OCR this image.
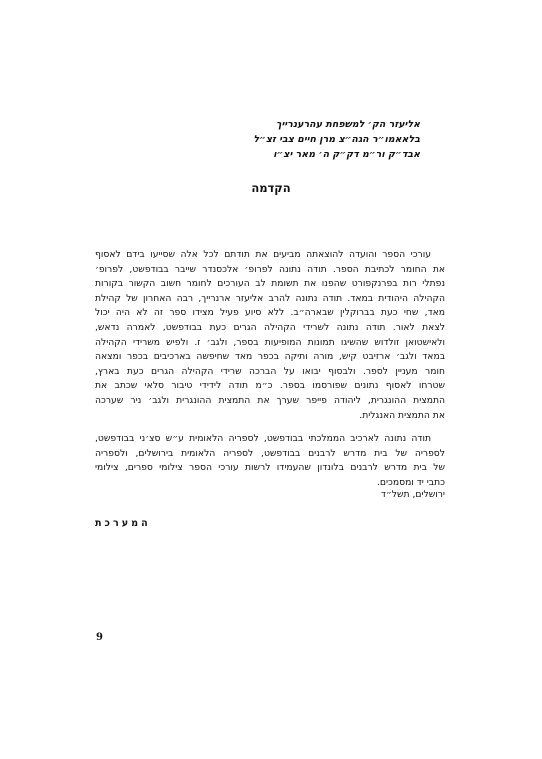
אליעזר הק׳ למשפחת עהרענרייך
בלאאמו״ר הגה״צ מרן חיים צבי זצ״ל
אבד״ק ור״מ דק״ק ה׳ מאר יצ״ו
הקדמה
עורכי הספר והועדה להוצאתה מביעים את תודתם לכל אלה שסייעו בידם לאסוף
את החומר לכתיבת הספר. תודה נתונה לפרופ׳ אלכסנדר שייבר בבודפשט, לפרופ׳
נפתלי רות בפרנקפורט שהפנו את תשומת לב העורכים לחומר חשוב הקשור בקורות
הקהילה היהודית במאד. תודה נתונה להרב אליעזר ארנרייך, רבה האחרון של קהילת
מאד, שחי כעת בברוקלין שבארה״ב. ללא סיוע פעיל מצידו ספר זה לא היה יכול
לצאת לאור. תודה נתונה לשרידי הקהילה הגרים כעת בבודפשט, לאמרה נדאש,
ולאישטואן זולדוש שהשיגו תמונות המופיעות בספר, ולגב׳ ז. ולפיש משרידי הקהילה
במאד ולגב׳ ארזיבט קיש, מורה ותיקה בכפר מאד שחיפשה בארכיבים בכפר ומצאה
חומר מעניין לספר. ולבסוף יבואו על הברכה שרידי הקהילה הגרים כעת בארץ,
שטרחו לאסוף נתונים שפורסמו בספר. כ״מ תודה לידידי טיבור סלאי שכתב את
התמצית ההונגרית, ליהודה פייפר שערך את התמצית ההונגרית ולגב׳ ניר שערכה
את התמצית האנגלית.
תודה נתונה לארכיב הממלכתי בבודפשט, לספריה הלאומית ע״ש סצ׳ני בבודפשט,
לספריה של בית מדרש לרבנים בבודפשט, לספריה הלאומית בירושלים, ולספריה
של בית מדרש לרבנים בלונדון שהעמידו לרשות עורכי הספר צילומי ספרים, צילומי
כתבי יד ומסמכים.
ירושלים, תשל״ד
המערכת
9
